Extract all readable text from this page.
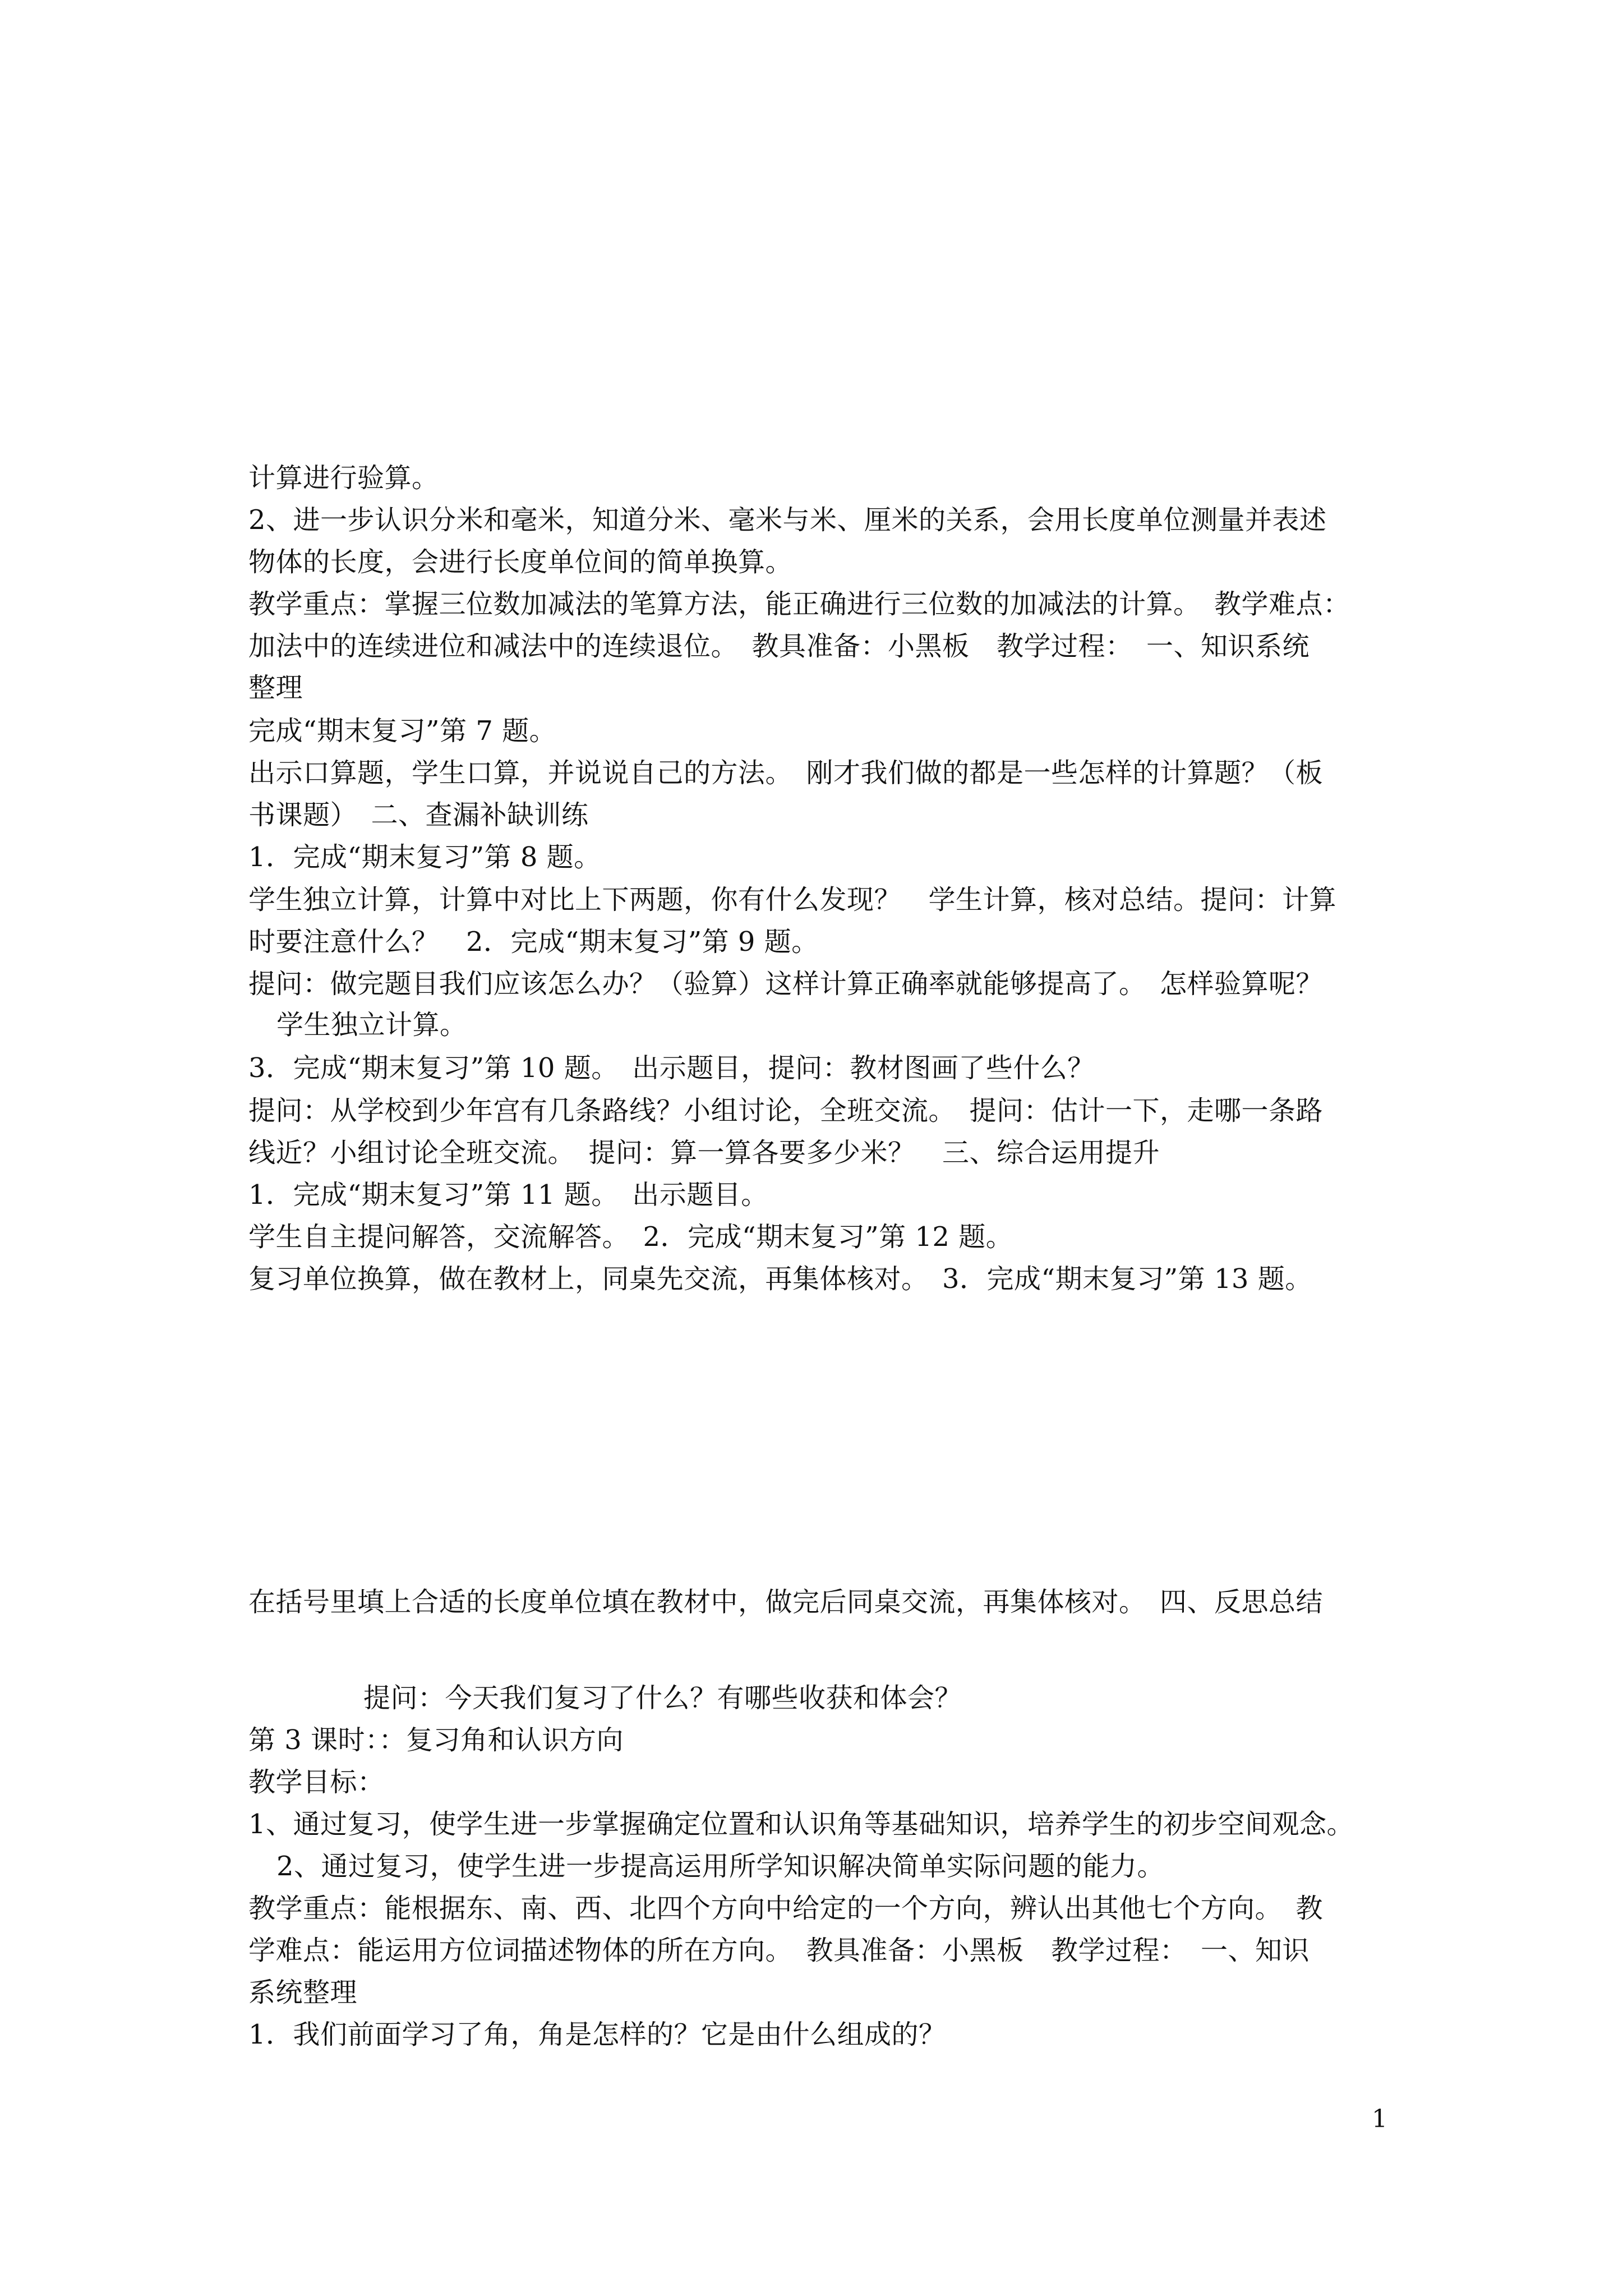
计算进行验算。
2、进一步认识分米和毫米，知道分米、毫米与米、厘米的关系，会用长度单位测量并表述
物体的长度，会进行长度单位间的简单换算。
教学重点：掌握三位数加减法的笔算方法，能正确进行三位数的加减法的计算。　教学难点：
加法中的连续进位和减法中的连续退位。　教具准备：小黑板　教学过程：　一、知识系统
整理
完成“期末复习”第 7 题。
出示口算题，学生口算，并说说自己的方法。　刚才我们做的都是一些怎样的计算题？（板
书课题）　二、查漏补缺训练
1．完成“期末复习”第 8 题。
学生独立计算，计算中对比上下两题，你有什么发现？　学生计算，核对总结。提问：计算
时要注意什么？　2．完成“期末复习”第 9 题。
提问：做完题目我们应该怎么办？（验算）这样计算正确率就能够提高了。　怎样验算呢？
学生独立计算。
3．完成“期末复习”第 10 题。　出示题目，提问：教材图画了些什么？
提问：从学校到少年宫有几条路线？小组讨论，全班交流。　提问：估计一下，走哪一条路
线近？小组讨论全班交流。　提问：算一算各要多少米？　三、综合运用提升
1．完成“期末复习”第 11 题。　出示题目。
学生自主提问解答，交流解答。　2．完成“期末复习”第 12 题。
复习单位换算，做在教材上，同桌先交流，再集体核对。　3．完成“期末复习”第 13 题。
在括号里填上合适的长度单位填在教材中，做完后同桌交流，再集体核对。　四、反思总结
提问：今天我们复习了什么？有哪些收获和体会？
第 3 课时：：复习角和认识方向
教学目标：
1、通过复习，使学生进一步掌握确定位置和认识角等基础知识，培养学生的初步空间观念。
2、通过复习，使学生进一步提高运用所学知识解决简单实际问题的能力。
教学重点：能根据东、南、西、北四个方向中给定的一个方向，辨认出其他七个方向。　教
学难点：能运用方位词描述物体的所在方向。　教具准备：小黑板　教学过程：　一、知识
系统整理
1．我们前面学习了角，角是怎样的？它是由什么组成的？
1
